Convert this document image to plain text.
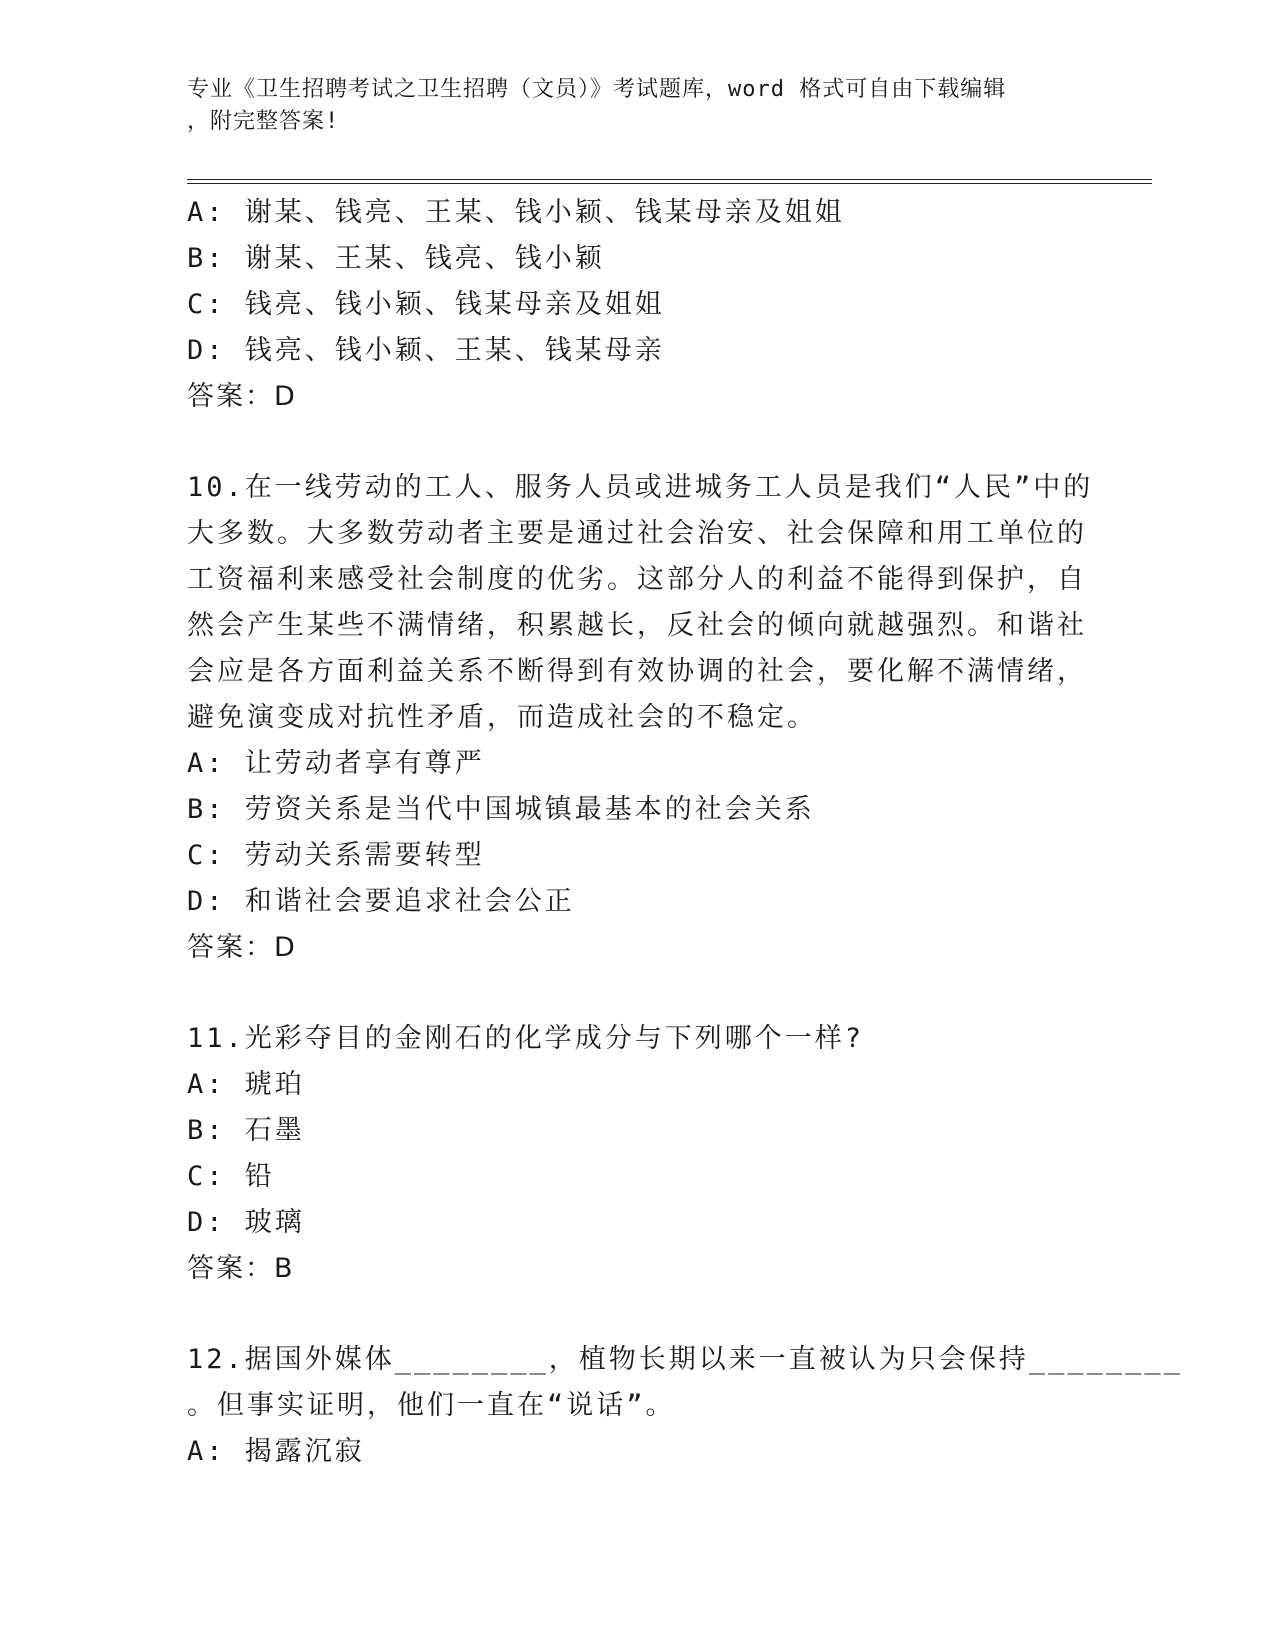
专业《卫生招聘考试之卫生招聘（文员）》考试题库，word 格式可自由下载编辑
，附完整答案!
A: 谢某、钱亮、王某、钱小颖、钱某母亲及姐姐
B: 谢某、王某、钱亮、钱小颖
C: 钱亮、钱小颖、钱某母亲及姐姐
D: 钱亮、钱小颖、王某、钱某母亲
答案：D
10.在一线劳动的工人、服务人员或进城务工人员是我们“人民”中的
大多数。大多数劳动者主要是通过社会治安、社会保障和用工单位的
工资福利来感受社会制度的优劣。这部分人的利益不能得到保护，自
然会产生某些不满情绪，积累越长，反社会的倾向就越强烈。和谐社
会应是各方面利益关系不断得到有效协调的社会，要化解不满情绪，
避免演变成对抗性矛盾，而造成社会的不稳定。
A: 让劳动者享有尊严
B: 劳资关系是当代中国城镇最基本的社会关系
C: 劳动关系需要转型
D: 和谐社会要追求社会公正
答案：D
11.光彩夺目的金刚石的化学成分与下列哪个一样?
A: 琥珀
B: 石墨
C: 铅
D: 玻璃
答案：B
12.据国外媒体________，植物长期以来一直被认为只会保持________
。但事实证明，他们一直在“说话”。
A: 揭露沉寂
